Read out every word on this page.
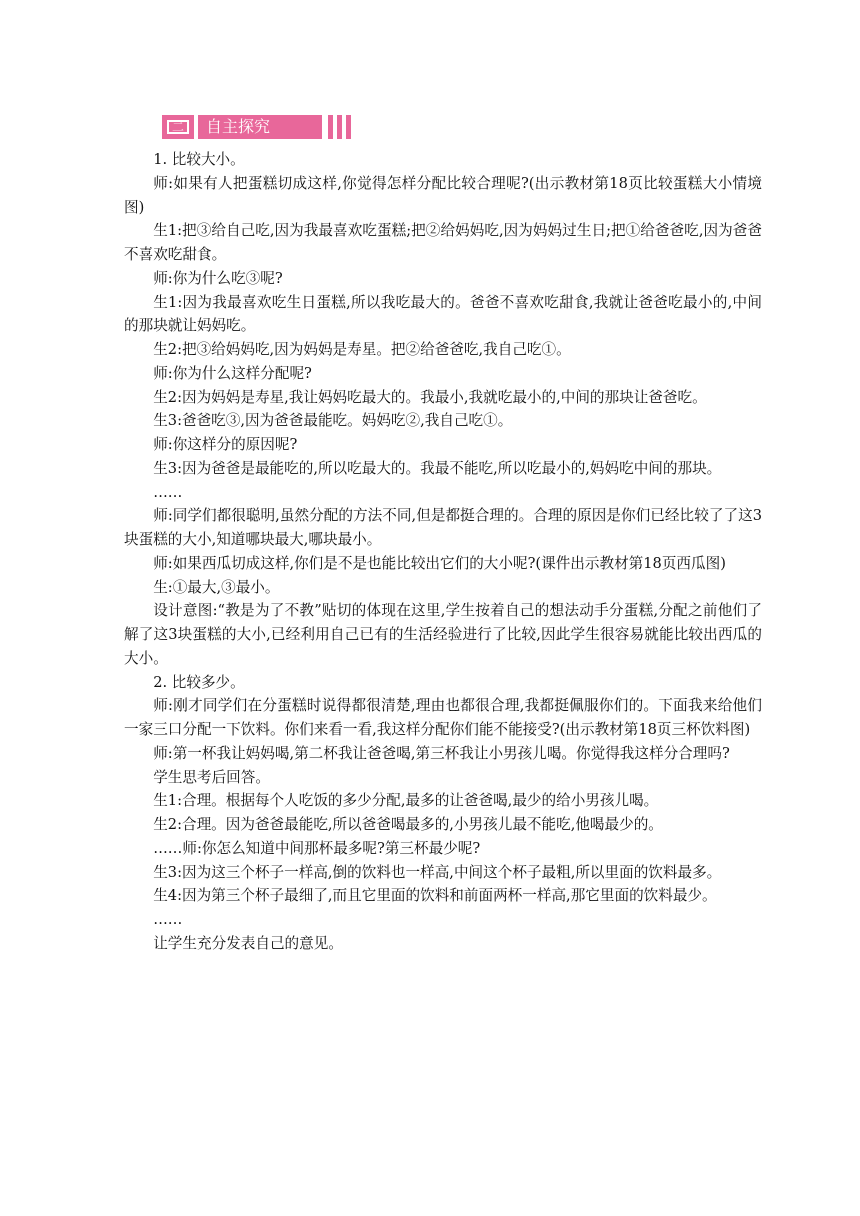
二	自主探究

1. 比较大小。

师:如果有人把蛋糕切成这样,你觉得怎样分配比较合理呢?(出示教材第18页比较蛋糕大小情境图)

生1:把③给自己吃,因为我最喜欢吃蛋糕;把②给妈妈吃,因为妈妈过生日;把①给爸爸吃,因为爸爸不喜欢吃甜食。

师:你为什么吃③呢?

生1:因为我最喜欢吃生日蛋糕,所以我吃最大的。爸爸不喜欢吃甜食,我就让爸爸吃最小的,中间的那块就让妈妈吃。

生2:把③给妈妈吃,因为妈妈是寿星。把②给爸爸吃,我自己吃①。

师:你为什么这样分配呢?

生2:因为妈妈是寿星,我让妈妈吃最大的。我最小,我就吃最小的,中间的那块让爸爸吃。

生3:爸爸吃③,因为爸爸最能吃。妈妈吃②,我自己吃①。

师:你这样分的原因呢?

生3:因为爸爸是最能吃的,所以吃最大的。我最不能吃,所以吃最小的,妈妈吃中间的那块。

……

师:同学们都很聪明,虽然分配的方法不同,但是都挺合理的。合理的原因是你们已经比较了了这3块蛋糕的大小,知道哪块最大,哪块最小。

师:如果西瓜切成这样,你们是不是也能比较出它们的大小呢?(课件出示教材第18页西瓜图)

生:①最大,③最小。

设计意图:“教是为了不教”贴切的体现在这里,学生按着自己的想法动手分蛋糕,分配之前他们了解了这3块蛋糕的大小,已经利用自己已有的生活经验进行了比较,因此学生很容易就能比较出西瓜的大小。

2. 比较多少。

师:刚才同学们在分蛋糕时说得都很清楚,理由也都很合理,我都挺佩服你们的。下面我来给他们一家三口分配一下饮料。你们来看一看,我这样分配你们能不能接受?(出示教材第18页三杯饮料图)

师:第一杯我让妈妈喝,第二杯我让爸爸喝,第三杯我让小男孩儿喝。你觉得我这样分合理吗?

学生思考后回答。

生1:合理。根据每个人吃饭的多少分配,最多的让爸爸喝,最少的给小男孩儿喝。

生2:合理。因为爸爸最能吃,所以爸爸喝最多的,小男孩儿最不能吃,他喝最少的。

……师:你怎么知道中间那杯最多呢?第三杯最少呢?

生3:因为这三个杯子一样高,倒的饮料也一样高,中间这个杯子最粗,所以里面的饮料最多。

生4:因为第三个杯子最细了,而且它里面的饮料和前面两杯一样高,那它里面的饮料最少。

……

让学生充分发表自己的意见。
